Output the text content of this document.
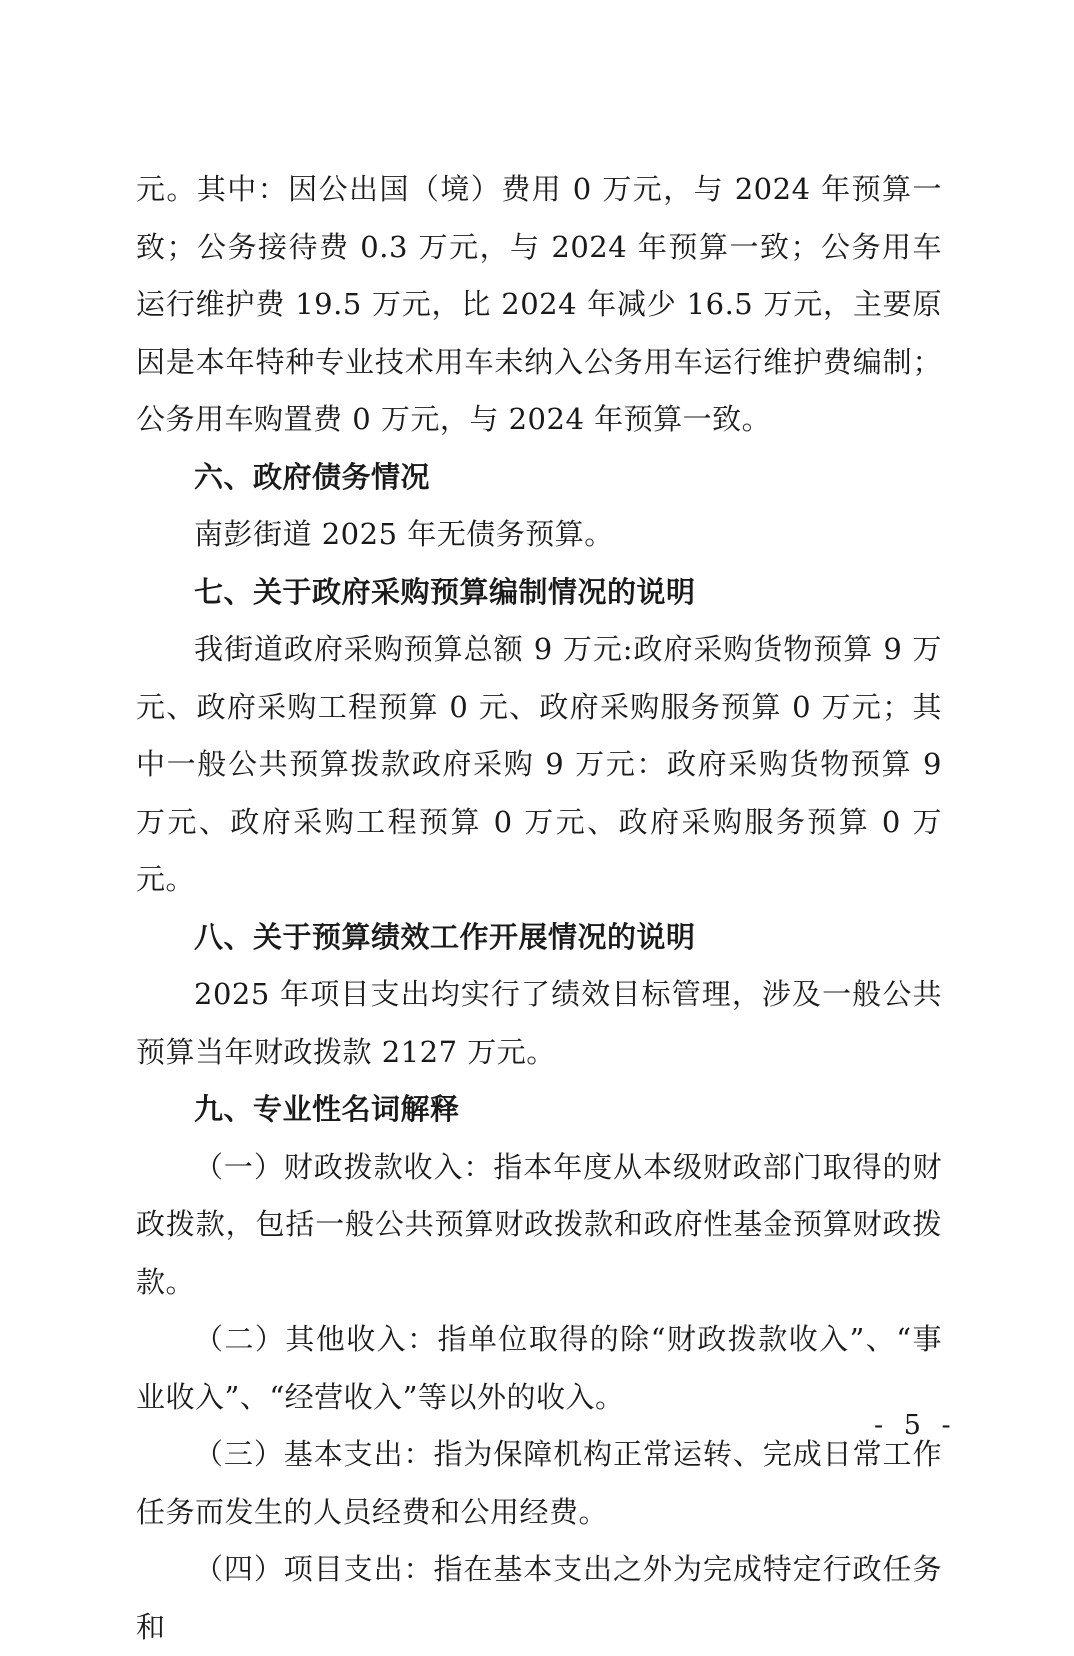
元。其中：因公出国（境）费用 0 万元，与 2024 年预算一致；公务接待费 0.3 万元，与 2024 年预算一致；公务用车运行维护费 19.5 万元，比 2024 年减少 16.5 万元，主要原因是本年特种专业技术用车未纳入公务用车运行维护费编制；公务用车购置费 0 万元，与 2024 年预算一致。

六、政府债务情况

南彭街道 2025 年无债务预算。

七、关于政府采购预算编制情况的说明

我街道政府采购预算总额 9 万元:政府采购货物预算 9 万元、政府采购工程预算 0 元、政府采购服务预算 0 万元；其中一般公共预算拨款政府采购 9 万元：政府采购货物预算 9 万元、政府采购工程预算 0 万元、政府采购服务预算 0 万元。

八、关于预算绩效工作开展情况的说明

2025 年项目支出均实行了绩效目标管理，涉及一般公共预算当年财政拨款 2127 万元。

九、专业性名词解释

（一）财政拨款收入：指本年度从本级财政部门取得的财政拨款，包括一般公共预算财政拨款和政府性基金预算财政拨款。

（二）其他收入：指单位取得的除“财政拨款收入”、“事业收入”、“经营收入”等以外的收入。

（三）基本支出：指为保障机构正常运转、完成日常工作任务而发生的人员经费和公用经费。

（四）项目支出：指在基本支出之外为完成特定行政任务和

- 5 -
